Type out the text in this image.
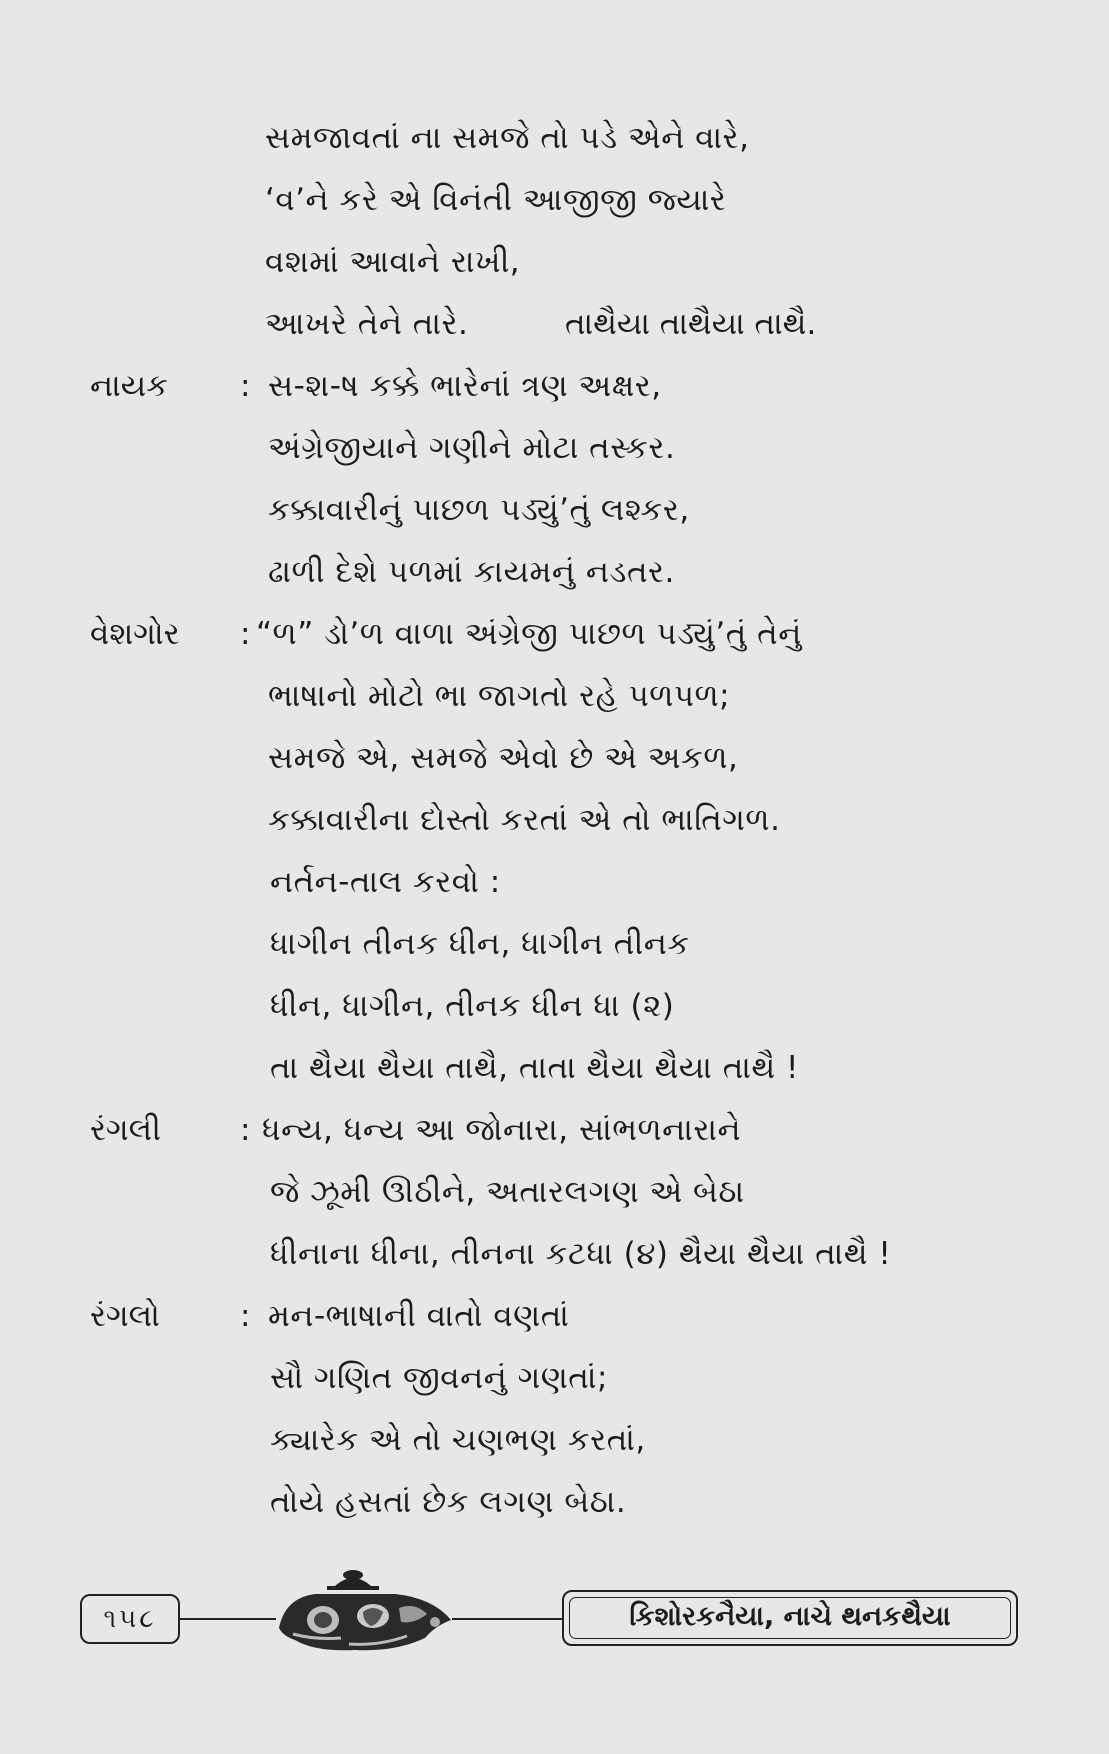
સમજાવતાં ના સમજે તો પડે એને વારે,
‘વ’ને કરે એ વિનંતી આજીજી જ્યારે
વશમાં આવાને રાખી,
આખરે તેને તારે.	તાથૈયા તાથૈયા તાથૈ.
નાયક : સ-શ-ષ કક્કે ભારેનાં ત્રણ અક્ષર,
અંગ્રેજીયાને ગણીને મોટા તસ્કર.
કક્કાવારીનું પાછળ પડ્યું’તું લશ્કર,
ઢાળી દેશે પળમાં કાયમનું નડતર.
વેશગોર : “ળ” ડો’ળ વાળા અંગ્રેજી પાછળ પડ્યું’તું તેનું
ભાષાનો મોટો ભા જાગતો રહે પળપળ;
સમજે એ, સમજે એવો છે એ અકળ,
કક્કાવારીના દોસ્તો કરતાં એ તો ભાતિગળ.
નર્તન-તાલ કરવો :
ધાગીન તીનક ધીન, ધાગીન તીનક
ધીન, ધાગીન, તીનક ધીન ધા (૨)
તા થૈયા થૈયા તાથૈ, તાતા થૈયા થૈયા તાથૈ !
રંગલી	: ધન્ય, ધન્ય આ જોનારા, સાંભળનારાને
જે ઝૂમી ઊઠીને, અતારલગણ એ બેઠા
ધીનાના ધીના, તીનના કટધા (૪) થૈયા થૈયા તાથૈ !
રંગલો	: મન-ભાષાની વાતો વણતાં
સૌ ગણિત જીવનનું ગણતાં;
ક્યારેક એ તો ચણભણ કરતાં,
તોયે હસતાં છેક લગણ બેઠા.
૧૫૮	કિશોરકનૈયા, નાચે થનકથૈયા
